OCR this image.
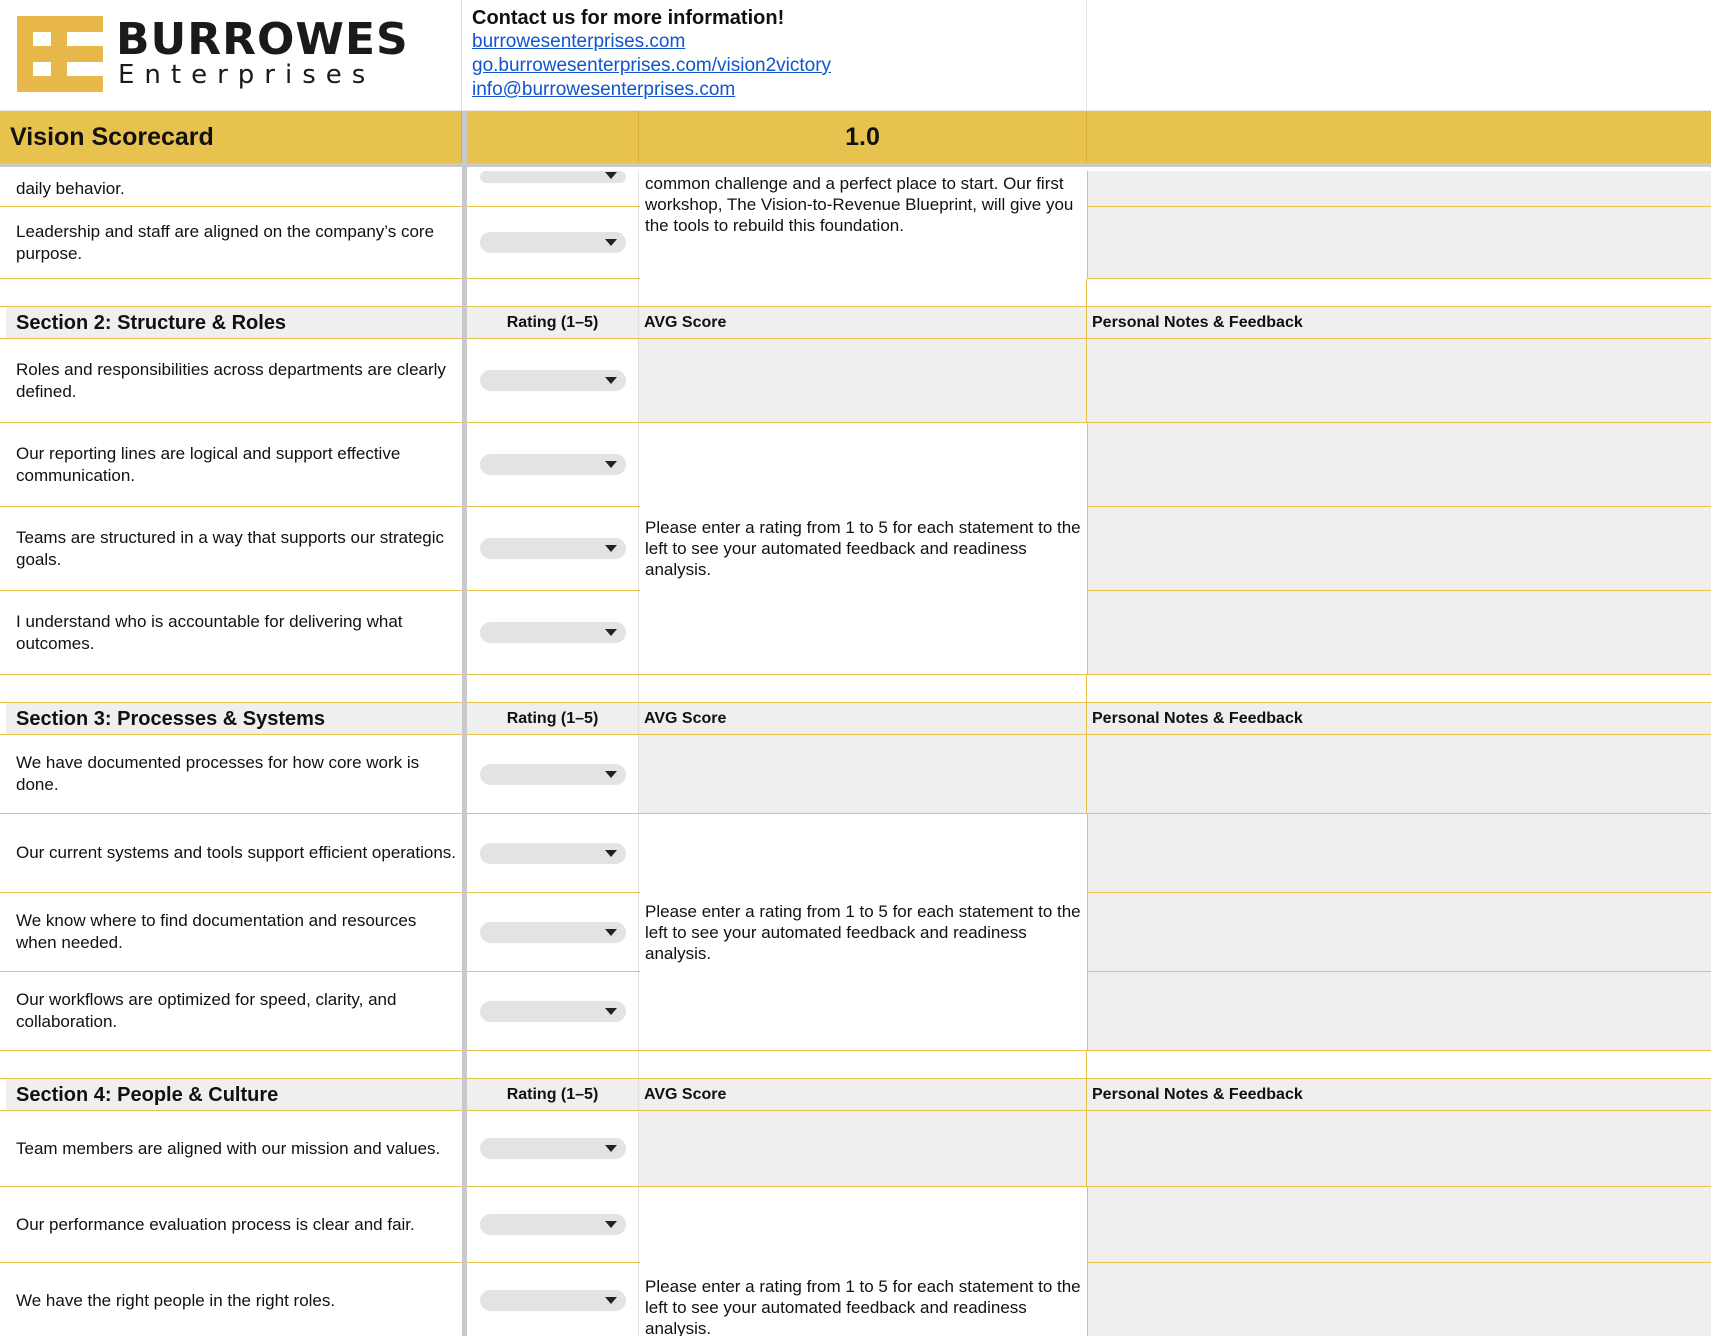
BURROWES
Enterprises
Contact us for more information!
burrowesenterprises.com
go.burrowesenterprises.com/vision2victory
info@burrowesenterprises.com
Vision Scorecard	1.0
daily behavior.
Leadership and staff are aligned on the company’s core purpose.
common challenge and a perfect place to start. Our first workshop, The Vision-to-Revenue Blueprint, will give you the tools to rebuild this foundation.
Section 2: Structure & Roles	Rating (1–5)	AVG Score	Personal Notes & Feedback
Roles and responsibilities across departments are clearly defined.
Our reporting lines are logical and support effective communication.
Teams are structured in a way that supports our strategic goals.
I understand who is accountable for delivering what outcomes.
Please enter a rating from 1 to 5 for each statement to the left to see your automated feedback and readiness analysis.
Section 3: Processes & Systems	Rating (1–5)	AVG Score	Personal Notes & Feedback
We have documented processes for how core work is done.
Our current systems and tools support efficient operations.
We know where to find documentation and resources when needed.
Our workflows are optimized for speed, clarity, and collaboration.
Please enter a rating from 1 to 5 for each statement to the left to see your automated feedback and readiness analysis.
Section 4: People & Culture	Rating (1–5)	AVG Score	Personal Notes & Feedback
Team members are aligned with our mission and values.
Our performance evaluation process is clear and fair.
We have the right people in the right roles.
Please enter a rating from 1 to 5 for each statement to the left to see your automated feedback and readiness analysis.
